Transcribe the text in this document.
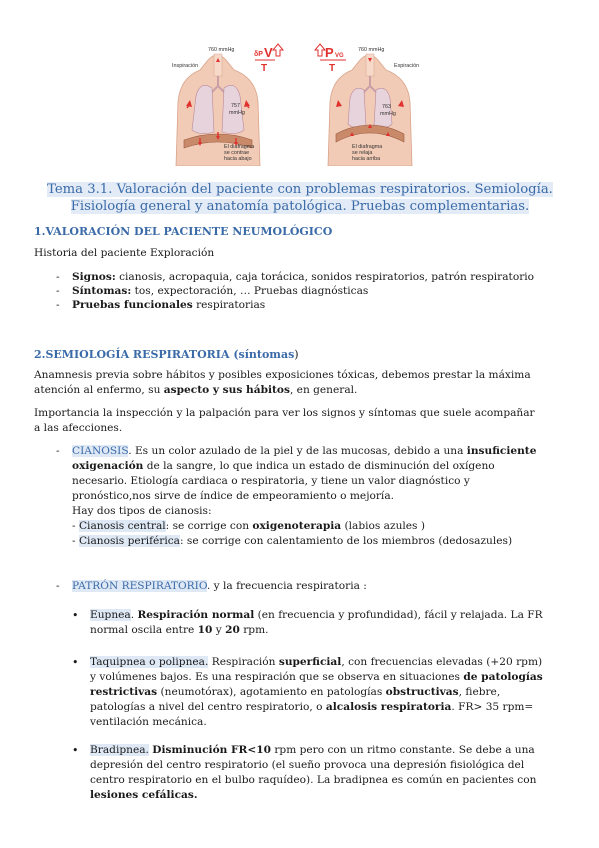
760 mmHg
Inspiración
757
mmHg
El diafragma
se contrae
hacia abajo
δP V
T
P VG
T
760 mmHg
Expiración
763
mmHg
El diafragma
se relaja
hacia arriba
Tema 3.1. Valoración del paciente con problemas respiratorios. Semiología.
Fisiología general y anatomía patológica. Pruebas complementarias.
1.VALORACIÓN DEL PACIENTE NEUMOLÓGICO
Historia del paciente Exploración
- Signos: cianosis, acropaquia, caja torácica, sonidos respiratorios, patrón respiratorio
- Síntomas: tos, expectoración, … Pruebas diagnósticas
- Pruebas funcionales respiratorias
2.SEMIOLOGÍA RESPIRATORIA (síntomas)
Anamnesis previa sobre hábitos y posibles exposiciones tóxicas, debemos prestar la máxima
atención al enfermo, su aspecto y sus hábitos, en general.
Importancia la inspección y la palpación para ver los signos y síntomas que suele acompañar
a las afecciones.
- CIANOSIS. Es un color azulado de la piel y de las mucosas, debido a una insuficiente
oxigenación de la sangre, lo que indica un estado de disminución del oxígeno
necesario. Etiología cardiaca o respiratoria, y tiene un valor diagnóstico y
pronóstico,nos sirve de índice de empeoramiento o mejoría.
Hay dos tipos de cianosis:
- Cianosis central: se corrige con oxigenoterapia (labios azules )
- Cianosis periférica: se corrige con calentamiento de los miembros (dedosazules)
- PATRÓN RESPIRATORIO. y la frecuencia respiratoria :
• Eupnea. Respiración normal (en frecuencia y profundidad), fácil y relajada. La FR
normal oscila entre 10 y 20 rpm.
• Taquipnea o polipnea. Respiración superficial, con frecuencias elevadas (+20 rpm)
y volúmenes bajos. Es una respiración que se observa en situaciones de patologías
restrictivas (neumotórax), agotamiento en patologías obstructivas, fiebre,
patologías a nivel del centro respiratorio, o alcalosis respiratoria. FR> 35 rpm=
ventilación mecánica.
• Bradipnea. Disminución FR<10 rpm pero con un ritmo constante. Se debe a una
depresión del centro respiratorio (el sueño provoca una depresión fisiológica del
centro respiratorio en el bulbo raquídeo). La bradipnea es común en pacientes con
lesiones cefálicas.
